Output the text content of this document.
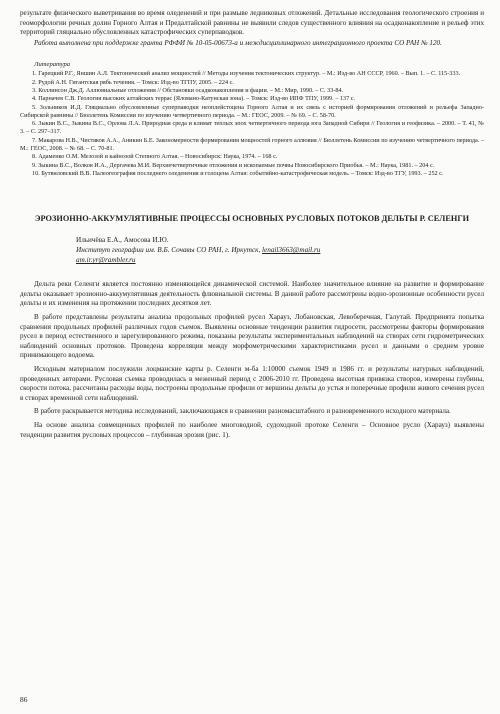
результате физического выветривания во время оледенений и при размыве ледниковых отложений. Детальные исследования геологического строения и геоморфологии речных долин Горного Алтая и Предалтайской равнины не выявили следов существенного влияния на осадконакопление и рельеф этих территорий гляциально обусловленных катастрофических суперпаводков.

Работа выполнена при поддержке гранта РФФИ № 10-05-00673-а и междисциплинарного интеграционного проекта СО РАН № 120.

Литература
1. Гарецкий Р.Г., Яншин А.Л. Тектонический анализ мощностей // Методы изучения тектонических структур. – М.: Изд-во АН СССР, 1960. – Вып. 1. – С. 115-333.
2. Рудой А.Н. Гигантская рябь течения. – Томск: Изд-во ТГПУ, 2005. – 224 с.
3. Коллинсон Дж.Д. Аллювиальные отложения // Обстановки осадконакопления и фации. – М.: Мир, 1990. – С. 33-84.
4. Парначев С.В. Геология высоких алтайских террас (Яломано-Катунская зона). – Томск: Изд-во ИПФ ТПУ, 1999. – 137 с.
5. Зольников И.Д. Гляциально обусловленные суперпаводки неоплейстоцена Горного Алтая и их связь с историей формирования отложений и рельефа Западно-Сибирской равнины // Бюллетень Комиссии по изучению четвертичного периода. – М.: ГЕОС, 2009. – № 69. – С. 58-70.
6. Зыкин В.С., Зыкина В.С., Орлова Л.А. Природная среда и климат теплых эпох четвертичного периода юга Западной Сибири // Геология и геофизика. – 2000. – Т. 41, № 3. – С. 297–317.
7. Макарова Н.В., Чистяков А.А., Аникин Б.Е. Закономерности формирования мощностей горного аллювия // Бюллетень Комиссии по изучению четвертичного периода. – М.: ГЕОС, 2008. – № 68. – С. 70-81.
8. Адаменко О.М. Мезозой и кайнозой Степного Алтая. – Новосибирск: Наука, 1974. – 168 с.
9. Зыкина В.С., Волков И.А., Дергачева М.И. Верхнечетвертичные отложения и ископаемые почвы Новосибирского Приобья. – М.: Наука, 1981. – 204 с.
10. Бутвиловский В.В. Палеогеография последнего оледенения и голоцена Алтая: событийно-катастрофическая модель. – Томск: Изд-во ТГУ, 1993. – 252 с.
ЭРОЗИОННО-АККУМУЛЯТИВНЫЕ ПРОЦЕССЫ ОСНОВНЫХ РУСЛОВЫХ ПОТОКОВ ДЕЛЬТЫ Р. СЕЛЕНГИ
Ильичёва Е.А., Амосова И.Ю.
Институт географии им. В.Б. Сочавы СО РАН, г. Иркутск, lenail3663@mail.ru
am.ir.yr@rambler.ru

Дельта реки Селенги является постоянно изменяющейся динамической системой. Наиболее значительное влияние на развитие и формирование дельты оказывает эрозионно-аккумулятивная деятельность флювиальной системы. В данной работе рассмотрены водно-эрозионные особенности русел дельты и их изменения на протяжении последних десятков лет.

В работе представлены результаты анализа продольных профилей русел Харауз, Лобановская, Левоберечная, Галутай. Предпринята попытка сравнения продольных профилей различных годов съемок. Выявлены основные тенденции развития гидросети, рассмотрены факторы формирования русел в период естественного и зарегулированного режима, показаны результаты экспериментальных наблюдений на створах сети гидрометрических наблюдений основных протоков. Проведена корреляция между морфометрическими характеристиками русел и данными о среднем уровне принимающего водоема.

Исходным материалом послужили лоцманские карты р. Селенги м-ба 1:10000 съемок 1949 и 1986 гг. и результаты натурных наблюдений, проведенных авторами. Русловая съемка проводилась в меженный период с 2006-2010 гг. Проведена высотная привязка створов, измерены глубины, скорости потока, рассчитаны расходы воды, построены продольные профили от вершины дельты до устья и поперечные профили живого сечения русел в створах временной сети наблюдений.

В работе раскрывается методика исследований, заключающаяся в сравнении разномасштабного и разновременного исходного материала.

На основе анализа совмещенных профилей по наиболее многоводной, судоходной протоке Селенги – Основное русло (Харауз) выявлены тенденции развития русловых процессов – глубинная эрозия (рис. 1).

86
